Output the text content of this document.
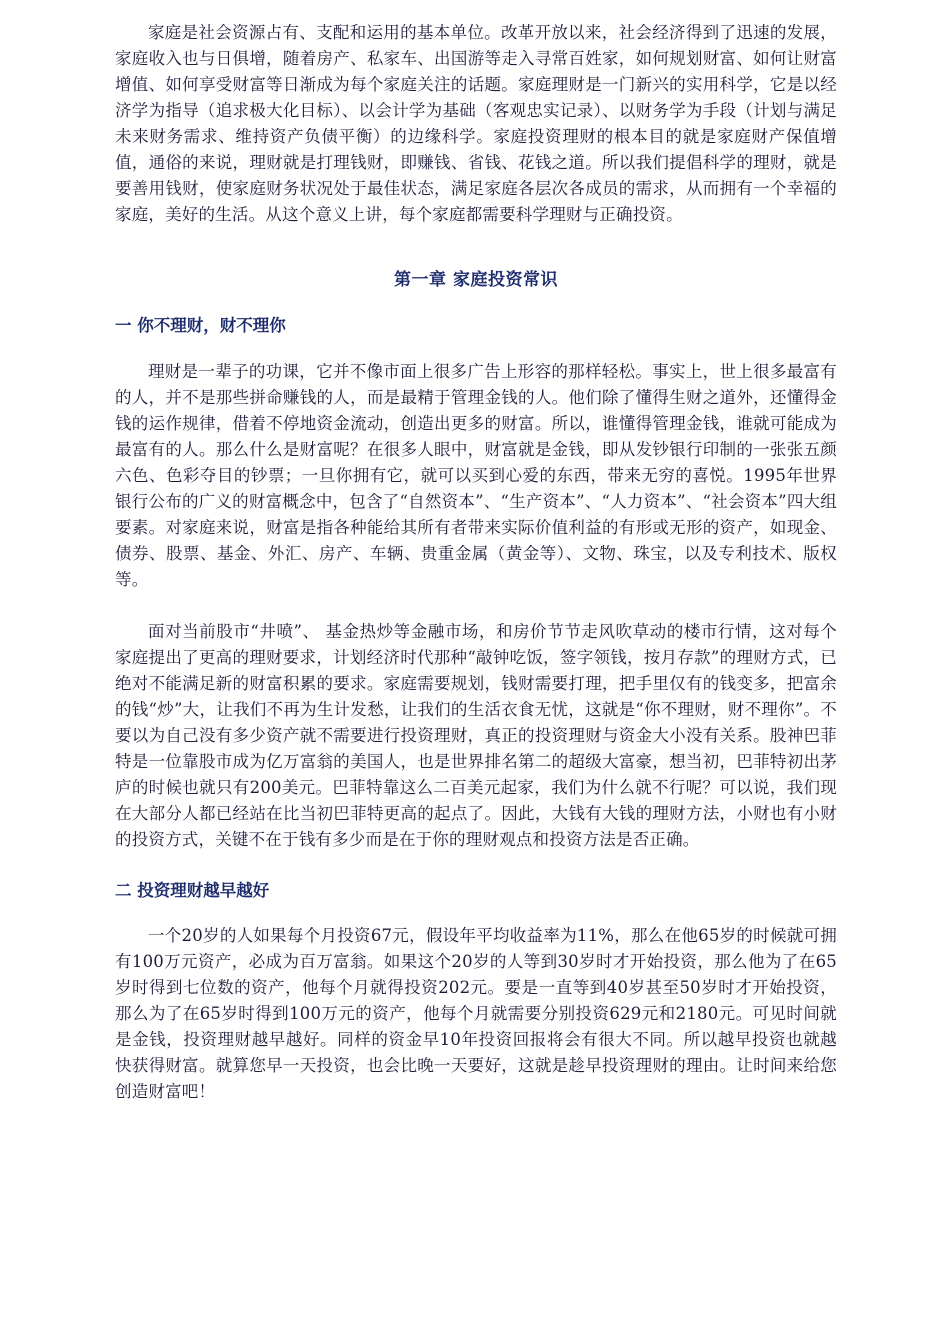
家庭是社会资源占有、支配和运用的基本单位。改革开放以来，社会经济得到了迅速的发展，家庭收入也与日俱增，随着房产、私家车、出国游等走入寻常百姓家，如何规划财富、如何让财富增值、如何享受财富等日渐成为每个家庭关注的话题。家庭理财是一门新兴的实用科学，它是以经济学为指导（追求极大化目标）、以会计学为基础（客观忠实记录）、以财务学为手段（计划与满足未来财务需求、维持资产负债平衡）的边缘科学。家庭投资理财的根本目的就是家庭财产保值增值，通俗的来说，理财就是打理钱财，即赚钱、省钱、花钱之道。所以我们提倡科学的理财，就是要善用钱财，使家庭财务状况处于最佳状态，满足家庭各层次各成员的需求，从而拥有一个幸福的家庭，美好的生活。从这个意义上讲，每个家庭都需要科学理财与正确投资。

第一章 家庭投资常识
一 你不理财，财不理你

理财是一辈子的功课，它并不像市面上很多广告上形容的那样轻松。事实上，世上很多最富有的人，并不是那些拼命赚钱的人，而是最精于管理金钱的人。他们除了懂得生财之道外，还懂得金钱的运作规律，借着不停地资金流动，创造出更多的财富。所以，谁懂得管理金钱，谁就可能成为最富有的人。那么什么是财富呢？在很多人眼中，财富就是金钱，即从发钞银行印制的一张张五颜六色、色彩夺目的钞票；一旦你拥有它，就可以买到心爱的东西，带来无穷的喜悦。1995年世界银行公布的广义的财富概念中，包含了“自然资本”、“生产资本”、“人力资本”、“社会资本”四大组要素。对家庭来说，财富是指各种能给其所有者带来实际价值利益的有形或无形的资产，如现金、债券、股票、基金、外汇、房产、车辆、贵重金属（黄金等）、文物、珠宝，以及专利技术、版权等。

面对当前股市“井喷”、 基金热炒等金融市场，和房价节节走风吹草动的楼市行情，这对每个家庭提出了更高的理财要求，计划经济时代那种“敲钟吃饭，签字领钱，按月存款”的理财方式，已绝对不能满足新的财富积累的要求。家庭需要规划，钱财需要打理，把手里仅有的钱变多，把富余的钱“炒”大，让我们不再为生计发愁，让我们的生活衣食无忧，这就是“你不理财，财不理你”。不要以为自己没有多少资产就不需要进行投资理财，真正的投资理财与资金大小没有关系。股神巴菲特是一位靠股市成为亿万富翁的美国人，也是世界排名第二的超级大富豪，想当初，巴菲特初出茅庐的时候也就只有200美元。巴菲特靠这么二百美元起家，我们为什么就不行呢？可以说，我们现在大部分人都已经站在比当初巴菲特更高的起点了。因此，大钱有大钱的理财方法，小财也有小财的投资方式，关键不在于钱有多少而是在于你的理财观点和投资方法是否正确。

二 投资理财越早越好

一个20岁的人如果每个月投资67元，假设年平均收益率为11%，那么在他65岁的时候就可拥有100万元资产，必成为百万富翁。如果这个20岁的人等到30岁时才开始投资，那么他为了在65岁时得到七位数的资产，他每个月就得投资202元。要是一直等到40岁甚至50岁时才开始投资，那么为了在65岁时得到100万元的资产，他每个月就需要分别投资629元和2180元。可见时间就是金钱，投资理财越早越好。同样的资金早10年投资回报将会有很大不同。所以越早投资也就越快获得财富。就算您早一天投资，也会比晚一天要好，这就是趁早投资理财的理由。让时间来给您创造财富吧！
